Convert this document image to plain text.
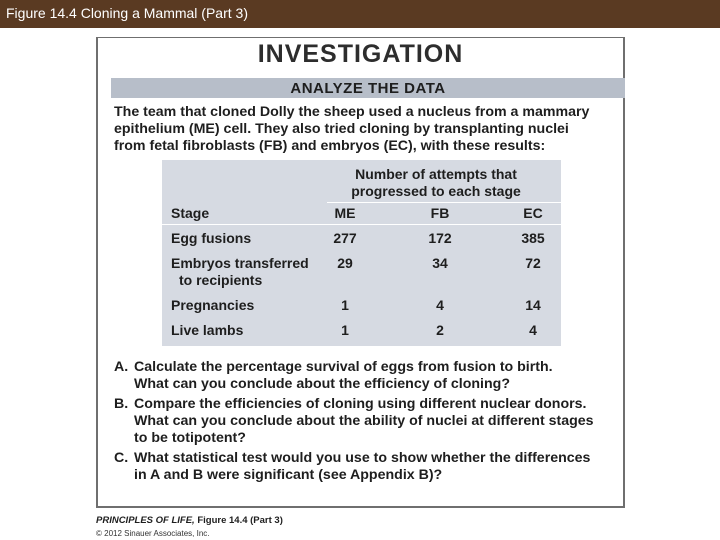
Figure 14.4 Cloning a Mammal (Part 3)
INVESTIGATION
ANALYZE THE DATA
The team that cloned Dolly the sheep used a nucleus from a mammary
epithelium (ME) cell. They also tried cloning by transplanting nuclei
from fetal fibroblasts (FB) and embryos (EC), with these results:
Number of attempts that
progressed to each stage
Stage	ME	FB	EC
Egg fusions	277	172	385
Embryos transferred
to recipients
29	34	72
Pregnancies	1	4	14
Live lambs	1	2	4
A. Calculate the percentage survival of eggs from fusion to birth.
What can you conclude about the efficiency of cloning?
B. Compare the efficiencies of cloning using different nuclear donors.
What can you conclude about the ability of nuclei at different stages
to be totipotent?
C. What statistical test would you use to show whether the differences
in A and B were significant (see Appendix B)?
PRINCIPLES OF LIFE, Figure 14.4 (Part 3)
© 2012 Sinauer Associates, Inc.
